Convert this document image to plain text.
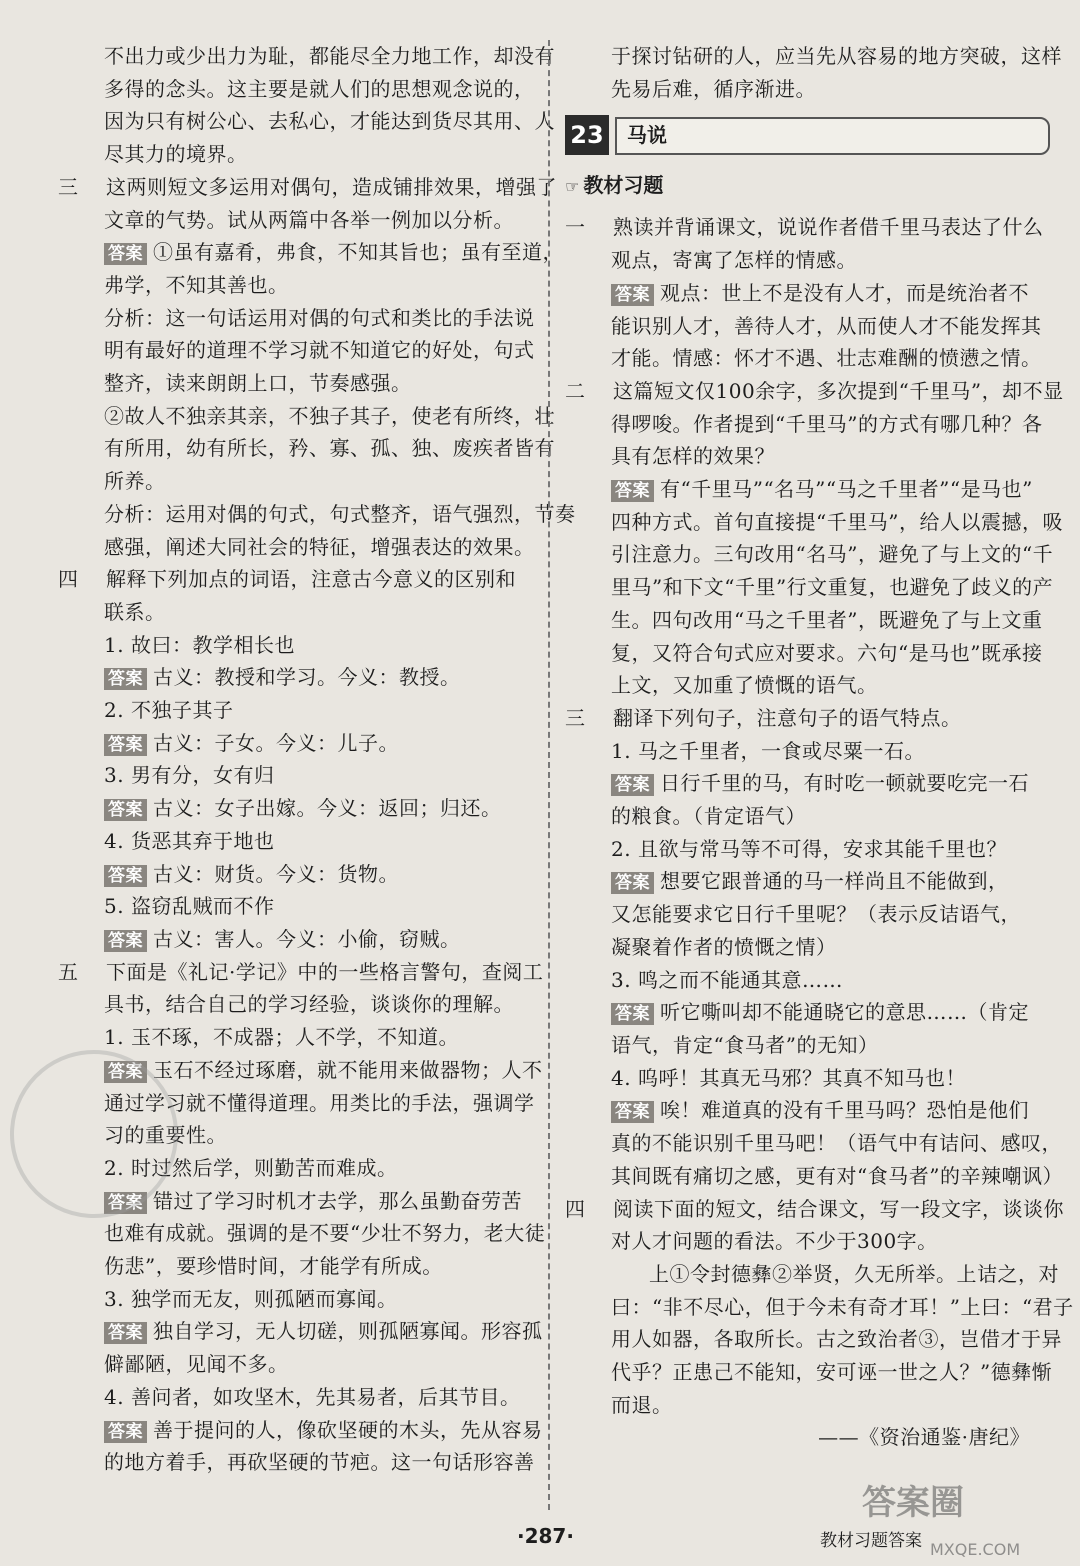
不出力或少出力为耻，都能尽全力地工作，却没有
多得的念头。这主要是就人们的思想观念说的，
因为只有树公心、去私心，才能达到货尽其用、人
尽其力的境界。
三	这两则短文多运用对偶句，造成铺排效果，增强了
文章的气势。试从两篇中各举一例加以分析。
答案 ①虽有嘉肴，弗食，不知其旨也；虽有至道，
弗学，不知其善也。
分析：这一句话运用对偶的句式和类比的手法说
明有最好的道理不学习就不知道它的好处，句式
整齐，读来朗朗上口，节奏感强。
②故人不独亲其亲，不独子其子，使老有所终，壮
有所用，幼有所长，矜、寡、孤、独、废疾者皆有
所养。
分析：运用对偶的句式，句式整齐，语气强烈，节奏
感强，阐述大同社会的特征，增强表达的效果。
四	解释下列加点的词语，注意古今意义的区别和
联系。
1. 故曰：教学相长也
答案 古义：教授和学习。今义：教授。
2. 不独子其子
答案 古义：子女。今义：儿子。
3. 男有分，女有归
答案 古义：女子出嫁。今义：返回；归还。
4. 货恶其弃于地也
答案 古义：财货。今义：货物。
5. 盗窃乱贼而不作
答案 古义：害人。今义：小偷，窃贼。
五	下面是《礼记·学记》中的一些格言警句，查阅工
具书，结合自己的学习经验，谈谈你的理解。
1. 玉不琢，不成器；人不学，不知道。
答案 玉石不经过琢磨，就不能用来做器物；人不
通过学习就不懂得道理。用类比的手法，强调学
习的重要性。
2. 时过然后学，则勤苦而难成。
答案 错过了学习时机才去学，那么虽勤奋劳苦
也难有成就。强调的是不要“少壮不努力，老大徒
伤悲”，要珍惜时间，才能学有所成。
3. 独学而无友，则孤陋而寡闻。
答案 独自学习，无人切磋，则孤陋寡闻。形容孤
僻鄙陋，见闻不多。
4. 善问者，如攻坚木，先其易者，后其节目。
答案 善于提问的人，像砍坚硬的木头，先从容易
的地方着手，再砍坚硬的节疤。这一句话形容善
于探讨钻研的人，应当先从容易的地方突破，这样
先易后难，循序渐进。
23 马说
☞ 教材习题
一	熟读并背诵课文，说说作者借千里马表达了什么
观点，寄寓了怎样的情感。
答案 观点：世上不是没有人才，而是统治者不
能识别人才，善待人才，从而使人才不能发挥其
才能。情感：怀才不遇、壮志难酬的愤懑之情。
二	这篇短文仅100余字，多次提到“千里马”，却不显
得啰唆。作者提到“千里马”的方式有哪几种？各
具有怎样的效果？
答案 有“千里马”“名马”“马之千里者”“是马也”
四种方式。首句直接提“千里马”，给人以震撼，吸
引注意力。三句改用“名马”，避免了与上文的“千
里马”和下文“千里”行文重复，也避免了歧义的产
生。四句改用“马之千里者”，既避免了与上文重
复，又符合句式应对要求。六句“是马也”既承接
上文，又加重了愤慨的语气。
三	翻译下列句子，注意句子的语气特点。
1. 马之千里者，一食或尽粟一石。
答案 日行千里的马，有时吃一顿就要吃完一石
的粮食。（肯定语气）
2. 且欲与常马等不可得，安求其能千里也？
答案 想要它跟普通的马一样尚且不能做到，
又怎能要求它日行千里呢？（表示反诘语气，
凝聚着作者的愤慨之情）
3. 鸣之而不能通其意……
答案 听它嘶叫却不能通晓它的意思……（肯定
语气，肯定“食马者”的无知）
4. 呜呼！其真无马邪？其真不知马也！
答案 唉！难道真的没有千里马吗？恐怕是他们
真的不能识别千里马吧！（语气中有诘问、感叹，
其间既有痛切之感，更有对“食马者”的辛辣嘲讽）
四	阅读下面的短文，结合课文，写一段文字，谈谈你
对人才问题的看法。不少于300字。
上①令封德彝②举贤，久无所举。上诘之，对
曰：“非不尽心，但于今未有奇才耳！”上曰：“君子
用人如器，各取所长。古之致治者③，岂借才于异
代乎？正患己不能知，安可诬一世之人？”德彝惭
而退。
——《资治通鉴·唐纪》
·287·	教材习题答案
答案圈
MXQE.COM
